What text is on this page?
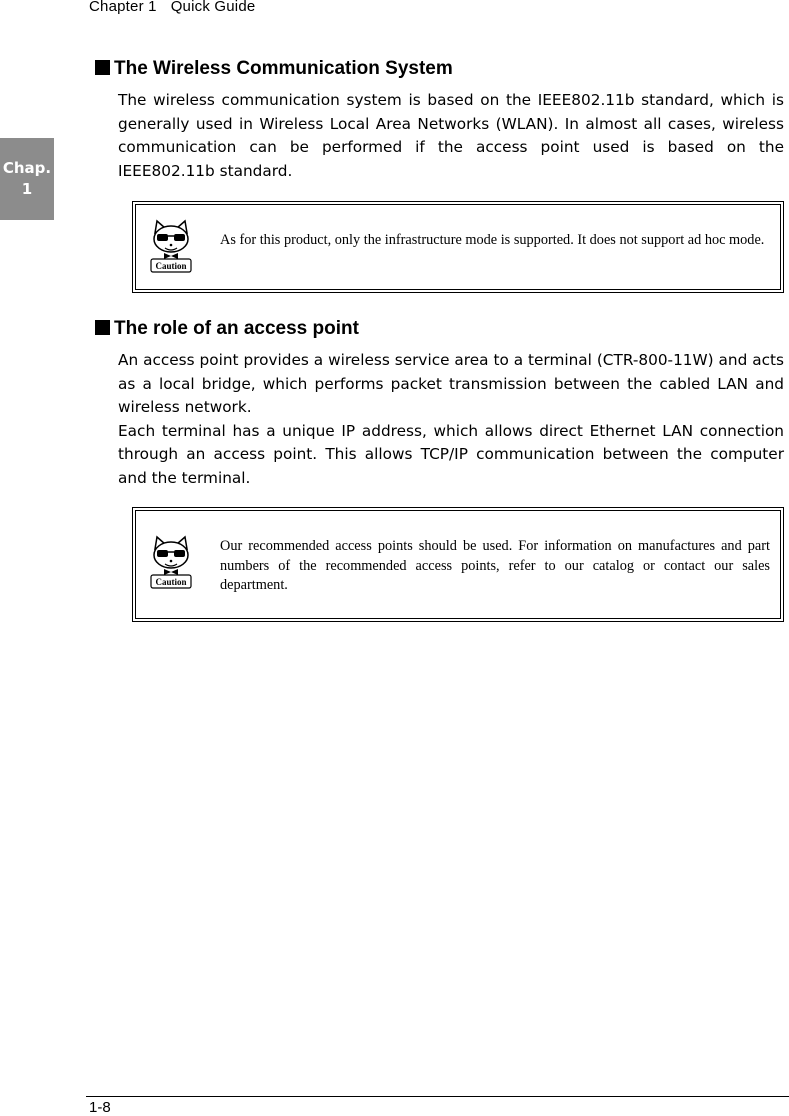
Chapter 1 Quick Guide
Chap.
1
The Wireless Communication System

The wireless communication system is based on the IEEE802.11b standard, which is generally used in Wireless Local Area Networks (WLAN). In almost all cases, wireless communication can be performed if the access point used is based on the IEEE802.11b standard.

Caution
As for this product, only the infrastructure mode is supported. It does not support ad hoc mode.
The role of an access point

An access point provides a wireless service area to a terminal (CTR-800-11W) and acts as a local bridge, which performs packet transmission between the cabled LAN and wireless network.

Each terminal has a unique IP address, which allows direct Ethernet LAN connection through an access point. This allows TCP/IP communication between the computer and the terminal.

Caution
Our recommended access points should be used. For information on manufactures and part numbers of the recommended access points, refer to our catalog or contact our sales department.
1-8
